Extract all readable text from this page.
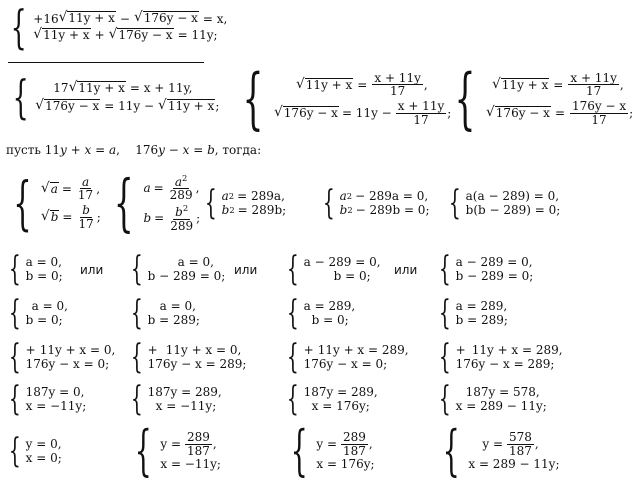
{ +16 √ 11y + x − √ 176y − x = x,
√ 11y + x + √ 176y − x = 11y;
{ 17 √ 11y + x = x + 11y,
√ 176y − x = 11y − √ 11y + x ; { √ $11y + x = \frac{x + 11y}{17}$ ,
√ $176y - x = 11y - \frac{x + 11y}{17}$ ; { √ $11y + x = \frac{x + 11y}{17}$ ,
√ $176y - x = \frac{176y - x}{17}$ ;
пусть 11y + x = a,    176y − x = b, тогда:
{ √ $a = \frac{a}{17}$ ,
√ $b = \frac{b}{17}$ ; { $a = \frac{a^2}{289}$ ,
$b = \frac{b^2}{289}$ ; { a 2 = 289a,
b 2 = 289b; { a 2 − 289a = 0,
b 2 − 289b = 0; { a(a − 289) = 0,
b(b − 289) = 0;
{ a = 0,
b = 0; или {	a = 0,
b − 289 = 0; или { a − 289 = 0,
b = 0; или { a − 289 = 0,
b − 289 = 0;
{ a = 0,
b = 0; { a = 0,
b = 289;	{ a = 289,
b = 0;	{ a = 289,
b = 289;
{ + 11y + x = 0,
176y − x = 0; { + 11y + x = 0,
176y − x = 289; { + 11y + x = 289,
176y − x = 0; { + 11y + x = 289,
176y − x = 289;
{ 187y = 0,
x = −11y; { 187y = 289,
x = −11y; { 187y = 289,
x = 176y; { 187y = 578,
x = 289 − 11y;
{ y = 0,
x = 0; { $y = \frac{289}{187}$ ,
x = −11y; { $y = \frac{289}{187}$ ,
x = 176y; { $y = \frac{578}{187}$ ,
x = 289 − 11y;
